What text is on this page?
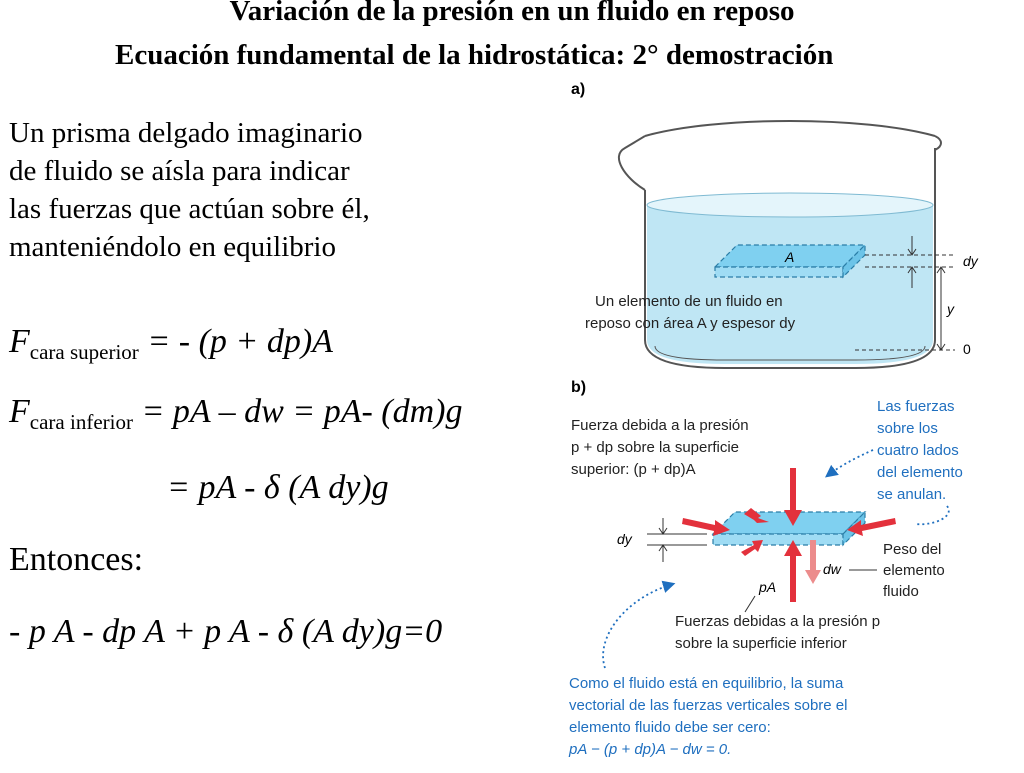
Variación de la presión en un fluido en reposo
Ecuación fundamental de la hidrostática: 2° demostración
Un prisma delgado imaginario
de fluido se aísla para indicar
las fuerzas que actúan sobre él,
manteniéndolo en equilibrio
$F_{cara superior}$ = - (p + dp)A
$F_{cara inferior}$ = pA – dw = pA- (dm)g
= pA - δ (A dy)g
Entonces:
- p A - dp A + p A - δ (A dy)g=0
a)
A	dy
y
0
Un elemento de un fluido en
reposo con área A y espesor dy
b)
Fuerza debida a la presión
p + dp sobre la superficie
superior: (p + dp)A
Las fuerzas
sobre los
cuatro lados
del elemento
se anulan.
dy
dw
Peso del
elemento
fluido
pA
Fuerzas debidas a la presión p
sobre la superficie inferior
Como el fluido está en equilibrio, la suma
vectorial de las fuerzas verticales sobre el
elemento fluido debe ser cero:
pA − (p + dp)A − dw = 0.
